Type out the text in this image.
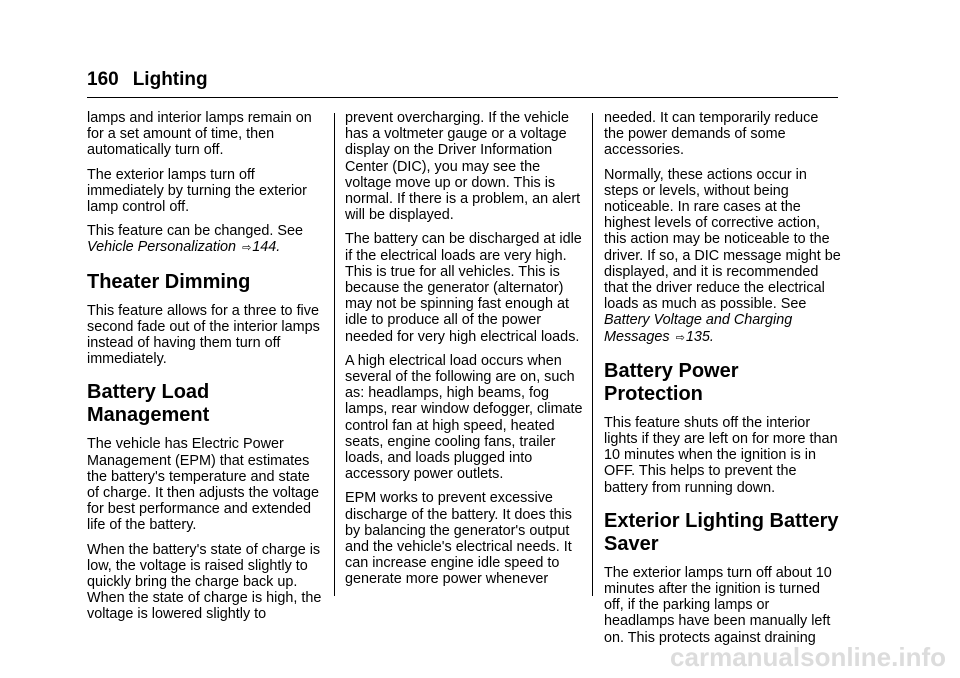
160 Lighting

lamps and interior lamps remain on for a set amount of time, then automatically turn off.

The exterior lamps turn off immediately by turning the exterior lamp control off.

This feature can be changed. See Vehicle Personalization ⇨144.

Theater Dimming

This feature allows for a three to five second fade out of the interior lamps instead of having them turn off immediately.

Battery Load Management

The vehicle has Electric Power Management (EPM) that estimates the battery's temperature and state of charge. It then adjusts the voltage for best performance and extended life of the battery.

When the battery's state of charge is low, the voltage is raised slightly to quickly bring the charge back up. When the state of charge is high, the voltage is lowered slightly to

prevent overcharging. If the vehicle has a voltmeter gauge or a voltage display on the Driver Information Center (DIC), you may see the voltage move up or down. This is normal. If there is a problem, an alert will be displayed.

The battery can be discharged at idle if the electrical loads are very high. This is true for all vehicles. This is because the generator (alternator) may not be spinning fast enough at idle to produce all of the power needed for very high electrical loads.

A high electrical load occurs when several of the following are on, such as: headlamps, high beams, fog lamps, rear window defogger, climate control fan at high speed, heated seats, engine cooling fans, trailer loads, and loads plugged into accessory power outlets.

EPM works to prevent excessive discharge of the battery. It does this by balancing the generator's output and the vehicle's electrical needs. It can increase engine idle speed to generate more power whenever

needed. It can temporarily reduce the power demands of some accessories.

Normally, these actions occur in steps or levels, without being noticeable. In rare cases at the highest levels of corrective action, this action may be noticeable to the driver. If so, a DIC message might be displayed, and it is recommended that the driver reduce the electrical loads as much as possible. See Battery Voltage and Charging Messages ⇨135.

Battery Power Protection

This feature shuts off the interior lights if they are left on for more than 10 minutes when the ignition is in OFF. This helps to prevent the battery from running down.

Exterior Lighting Battery Saver

The exterior lamps turn off about 10 minutes after the ignition is turned off, if the parking lamps or headlamps have been manually left on. This protects against draining

carmanualsonline.info
